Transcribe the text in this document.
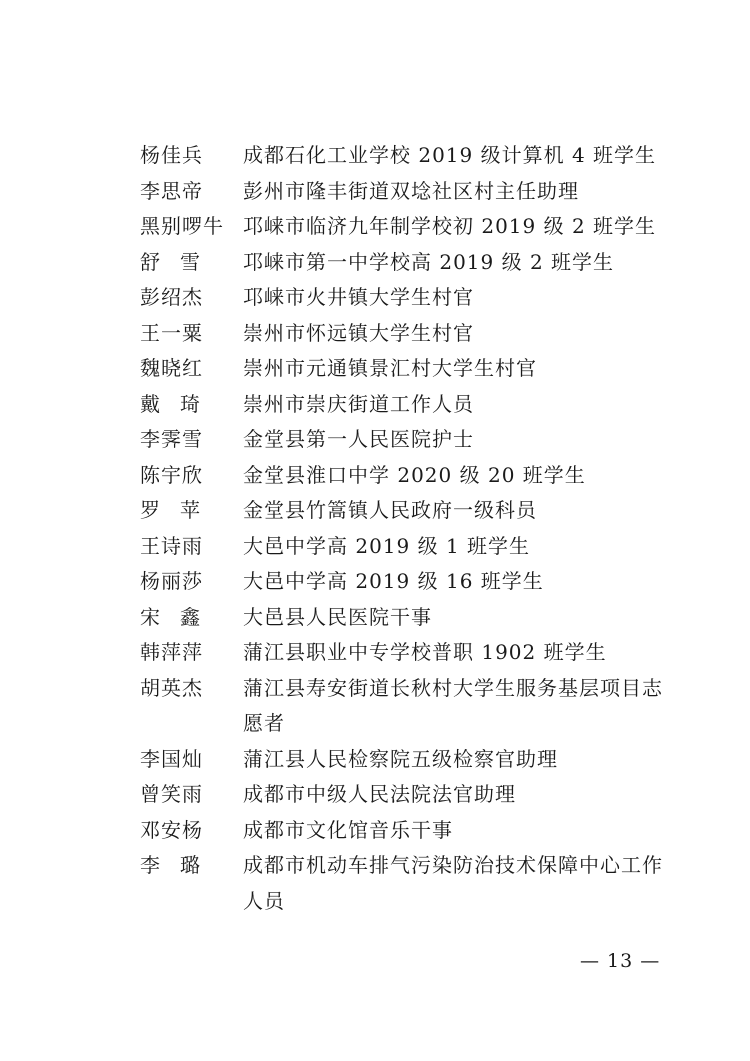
杨佳兵	成都石化工业学校 2019 级计算机 4 班学生
李思帝	彭州市隆丰街道双埝社区村主任助理
黑别啰牛 邛崃市临济九年制学校初 2019 级 2 班学生
舒　雪	邛崃市第一中学校高 2019 级 2 班学生
彭绍杰	邛崃市火井镇大学生村官
王一粟	崇州市怀远镇大学生村官
魏晓红	崇州市元通镇景汇村大学生村官
戴　琦	崇州市崇庆街道工作人员
李霁雪	金堂县第一人民医院护士
陈宇欣	金堂县淮口中学 2020 级 20 班学生
罗　苹	金堂县竹篙镇人民政府一级科员
王诗雨	大邑中学高 2019 级 1 班学生
杨丽莎	大邑中学高 2019 级 16 班学生
宋　鑫	大邑县人民医院干事
韩萍萍	蒲江县职业中专学校普职 1902 班学生
胡英杰	蒲江县寿安街道长秋村大学生服务基层项目志愿者
李国灿	蒲江县人民检察院五级检察官助理
曾笑雨	成都市中级人民法院法官助理
邓安杨	成都市文化馆音乐干事
李　璐	成都市机动车排气污染防治技术保障中心工作人员
— 13 —
